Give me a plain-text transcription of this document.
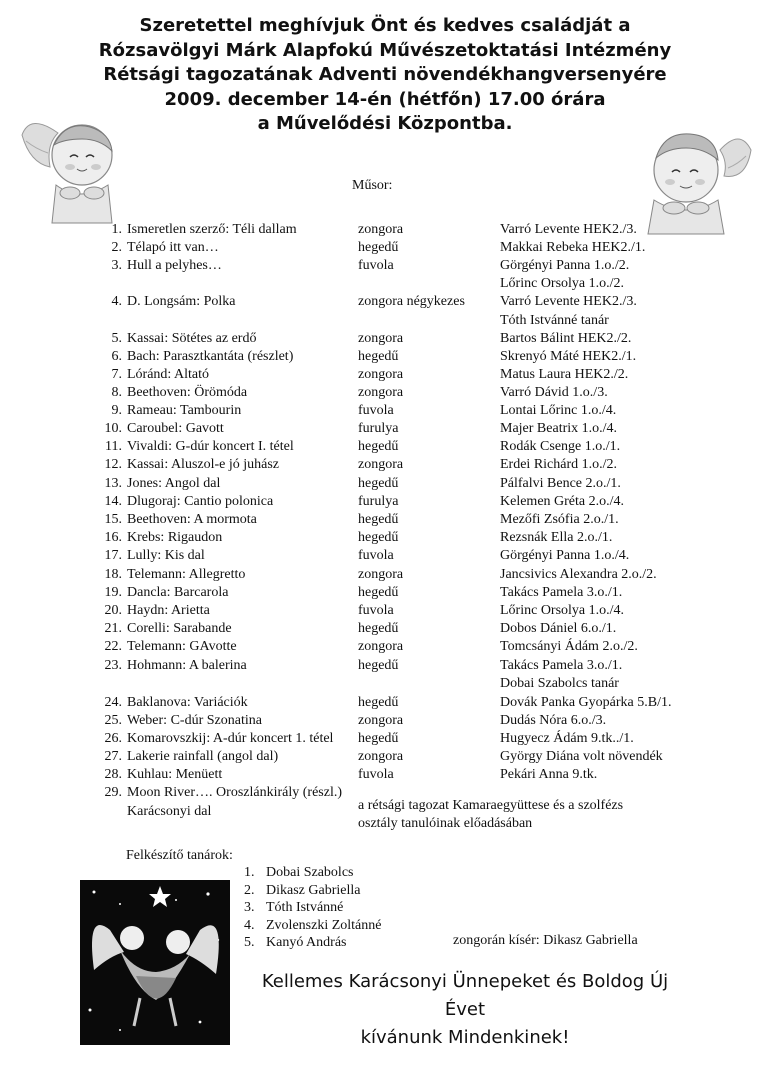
Szeretettel meghívjuk Önt és kedves családját a
Rózsavölgyi Márk Alapfokú Művészetoktatási Intézmény
Rétsági tagozatának Adventi növendékhangversenyére
2009. december 14-én (hétfőn) 17.00 órára
a Művelődési Központba.
Műsor:
1. Ismeretlen szerző: Téli dallam	zongora	Varró Levente HEK2./3.
2. Télapó itt van…	hegedű	Makkai Rebeka HEK2./1.
3. Hull a pelyhes…	fuvola	Görgényi Panna 1.o./2.
Lőrinc Orsolya 1.o./2.
4. D. Longsám: Polka	zongora négykezes	Varró Levente HEK2./3.
Tóth Istvánné tanár
5. Kassai: Sötétes az erdő	zongora	Bartos Bálint HEK2./2.
6. Bach: Parasztkantáta (részlet)	hegedű	Skrenyó Máté HEK2./1.
7. Lóránd: Altató	zongora	Matus Laura HEK2./2.
8. Beethoven: Örömóda	zongora	Varró Dávid 1.o./3.
9. Rameau: Tambourin	fuvola	Lontai Lőrinc 1.o./4.
10. Caroubel: Gavott	furulya	Majer Beatrix 1.o./4.
11. Vivaldi: G-dúr koncert I. tétel	hegedű	Rodák Csenge 1.o./1.
12. Kassai: Aluszol-e jó juhász	zongora	Erdei Richárd 1.o./2.
13. Jones: Angol dal	hegedű	Pálfalvi Bence 2.o./1.
14. Dlugoraj: Cantio polonica	furulya	Kelemen Gréta 2.o./4.
15. Beethoven: A mormota	hegedű	Mezőfi Zsófia 2.o./1.
16. Krebs: Rigaudon	hegedű	Rezsnák Ella 2.o./1.
17. Lully: Kis dal	fuvola	Görgényi Panna 1.o./4.
18. Telemann: Allegretto	zongora	Jancsivics Alexandra 2.o./2.
19. Dancla: Barcarola	hegedű	Takács Pamela 3.o./1.
20. Haydn: Arietta	fuvola	Lőrinc Orsolya 1.o./4.
21. Corelli: Sarabande	hegedű	Dobos Dániel 6.o./1.
22. Telemann: GAvotte	zongora	Tomcsányi Ádám 2.o./2.
23. Hohmann: A balerina	hegedű	Takács Pamela 3.o./1.
Dobai Szabolcs tanár
24. Baklanova: Variációk	hegedű	Dovák Panka Gyopárka 5.B/1.
25. Weber: C-dúr Szonatina	zongora	Dudás Nóra 6.o./3.
26. Komarovszkij: A-dúr koncert 1. tétel hegedű	Hugyecz Ádám 9.tk../1.
27. Lakerie rainfall (angol dal)	zongora	György Diána volt növendék
28. Kuhlau: Menüett	fuvola	Pekári Anna 9.tk.
29. Moon River…. Oroszlánkirály (részl.)
Karácsonyi dal	a rétsági tagozat Kamaraegyüttese és a szolfézs
osztály tanulóinak előadásában
Felkészítő tanárok:
1. Dobai Szabolcs
2. Dikasz Gabriella
3. Tóth Istvánné
4. Zvolenszki Zoltánné
5. Kanyó András	zongorán kísér: Dikasz Gabriella
Kellemes Karácsonyi Ünnepeket és Boldog Új Évet
kívánunk Mindenkinek!
